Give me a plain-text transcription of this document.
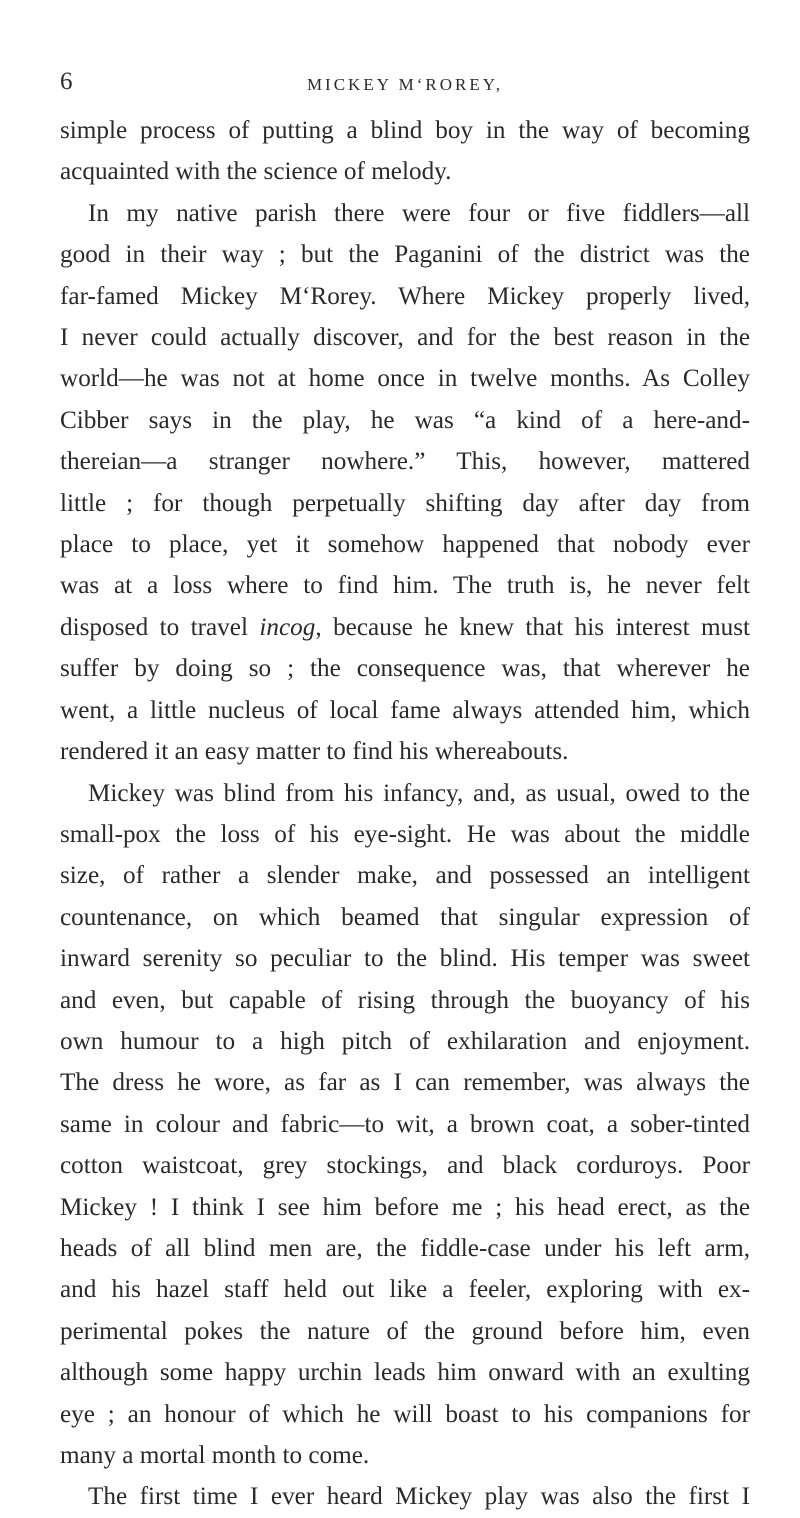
6	MICKEY M‘ROREY,
simple process of putting a blind boy in the way of becoming
acquainted with the science of melody.
In my native parish there were four or five fiddlers—all
good in their way ; but the Paganini of the district was the
far-famed Mickey M‘Rorey. Where Mickey properly lived,
I never could actually discover, and for the best reason in the
world—he was not at home once in twelve months. As Colley
Cibber says in the play, he was “a kind of a here-and-
thereian—a stranger nowhere.” This, however, mattered
little ; for though perpetually shifting day after day from
place to place, yet it somehow happened that nobody ever
was at a loss where to find him. The truth is, he never felt
disposed to travel incog, because he knew that his interest must
suffer by doing so ; the consequence was, that wherever he
went, a little nucleus of local fame always attended him, which
rendered it an easy matter to find his whereabouts.
Mickey was blind from his infancy, and, as usual, owed to the
small-pox the loss of his eye-sight. He was about the middle
size, of rather a slender make, and possessed an intelligent
countenance, on which beamed that singular expression of
inward serenity so peculiar to the blind. His temper was sweet
and even, but capable of rising through the buoyancy of his
own humour to a high pitch of exhilaration and enjoyment.
The dress he wore, as far as I can remember, was always the
same in colour and fabric—to wit, a brown coat, a sober-tinted
cotton waistcoat, grey stockings, and black corduroys. Poor
Mickey ! I think I see him before me ; his head erect, as the
heads of all blind men are, the fiddle-case under his left arm,
and his hazel staff held out like a feeler, exploring with ex-
perimental pokes the nature of the ground before him, even
although some happy urchin leads him onward with an exulting
eye ; an honour of which he will boast to his companions for
many a mortal month to come.
The first time I ever heard Mickey play was also the first I
